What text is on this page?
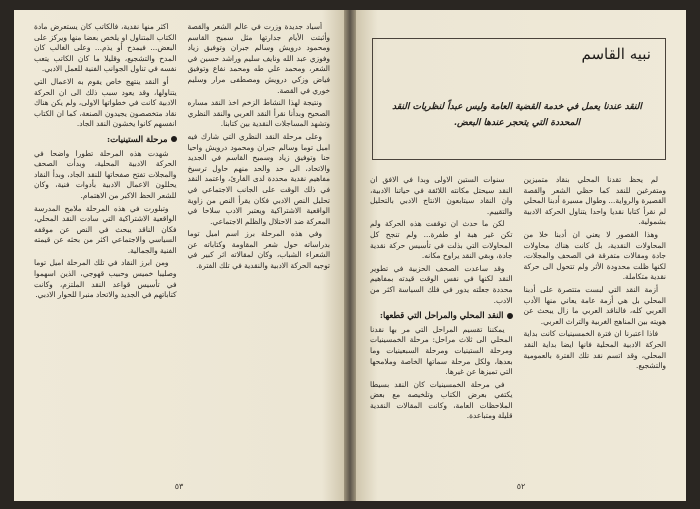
أسياد جديدة وزرت في عالم الشعر والقصة وأثبتت الأيام جدارتها مثل سميح القاسم ومحمود درويش وسالم جبران وتوفيق زياد وفوزي عبد الله ونايف سليم وراشد حسين في الشعر، ومحمد علي طه ومحمد نفاع وتوفيق فياض وزكي درويش ومصطفى مرار وسليم خوري في القصة.

ونتيجة لهذا النشاط الزخم اخذ النقد مساره الصحيح وبدأنا نقرأ النقد العربي والنقد النظري وتشهد المساجلات النقدية بين كتابنا.

وعلى مرحلة النقد النظري التي شارك فيه اميل توما وسالم جبران ومحمود درويش واحيا حنا وتوفيق زياد وسميح القاسم في الجديد والاتحاد، الى حد والحد منهم حاول ترسيخ مفاهيم نقدية محددة لدى القارئ، واعتمد النقد في ذلك الوقت على الجانب الاجتماعي في تحليل النص الادبي فكان يقرأ النص من زاوية الواقعية الاشتراكية ويعتبر الادب سلاحا في المعركة ضد الاحتلال والظلم الاجتماعي.

وفي هذه المرحلة برز اسم اميل توما بدراساته حول شعر المقاومة وكتاباته عن الشعراء الشباب، وكان لمقالاته اثر كبير في توجيه الحركة الادبية والنقدية في تلك الفترة.

اكثر منها نقدية، فالكاتب كان يستعرض مادة الكتاب المتناول او يلخص بعضا منها ويركز على البعض... فيمدح أو يذم... وعلى الغالب كان المدح والتشجيع، وقليلا ما كان الكاتب يتعب نفسه في تناول الجوانب الفنية للعمل الادبي.

أو النقد ينتهج خاص يقوم به الاعمال التي يتناولها، وقد يعود سبب ذلك الى ان الحركة الادبية كانت في خطواتها الاولى، ولم يكن هناك نقاد متخصصون يجيدون الصنعة، كما ان الكتاب انفسهم كانوا يخشون النقد الجاد.

مرحلة الستينيات:

شهدت هذه المرحلة تطورا واضحا في الحركة الادبية المحلية، وبدأت الصحف والمجلات تفتح صفحاتها للنقد الجاد، وبدأ النقاد يحللون الاعمال الادبية بأدوات فنية، وكان للشعر الحظ الاكبر من الاهتمام.

وتبلورت في هذه المرحلة ملامح المدرسة الواقعية الاشتراكية التي سادت النقد المحلي، فكان الناقد يبحث في النص عن موقفه السياسي والاجتماعي اكثر من بحثه عن قيمته الفنية والجمالية.

ومن ابرز النقاد في تلك المرحلة اميل توما وصليبا خميس وحبيب قهوجي، الذين اسهموا في تأسيس قواعد النقد الملتزم، وكانت كتاباتهم في الجديد والاتحاد منبرا للحوار الادبي.

٥٣
نبيه القاسم
النقد عندنا يعمل في خدمة القضية العامة وليس عبداً لنظريات النقد المحددة التي يتحجر عندها البعض.

لم يحظ تقدنا المحلي بنقاد متميزين ومتفرغين للنقد كما حظي الشعر والقصة القصيرة والرواية... وطوال مسيرة أدبنا المحلي لم نقرأ كتابا نقديا واحدا يتناول الحركة الادبية بشمولية.

وهذا القصور لا يعني ان أدبنا خلا من المحاولات النقدية، بل كانت هناك محاولات جادة ومقالات متفرقة في الصحف والمجلات، لكنها ظلت محدودة الأثر ولم تتحول الى حركة نقدية متكاملة.

أزمة النقد التي لبست متتصرة على أدبنا المحلي بل هي أزمة عامة يعاني منها الأدب العربي كله، فالناقد العربي ما زال يبحث عن هويته بين المناهج الغربية والتراث العربي.

فاذا اعتبرنا ان فترة الخمسينيات كانت بداية الحركة الادبية المحلية فانها ايضا بداية النقد المحلي، وقد اتسم نقد تلك الفترة بالعمومية والتشجيع.

سنوات الستين الاولى وبدا في الافق ان النقد سيحتل مكانته اللائقة في حياتنا الادبية، وان النقاد سيتابعون الانتاج الادبي بالتحليل والتقييم.

لكن ما حدث ان توقفت هذه الحركة ولم تكن غير هبة او طفرة... ولم تنجح كل المحاولات التي بذلت في تأسيس حركة نقدية جادة، وبقي النقد يراوح مكانه.

وقد ساعدت الصحف الحزبية في تطوير النقد لكنها في نفس الوقت قيدته بمفاهيم محددة جعلته يدور في فلك السياسة اكثر من الادب.

النقد المحلي والمراحل التي قطعها:

يمكننا تقسيم المراحل التي مر بها نقدنا المحلي الى ثلاث مراحل: مرحلة الخمسينيات ومرحلة الستينيات ومرحلة السبعينيات وما بعدها، ولكل مرحلة سماتها الخاصة وملامحها التي تميزها عن غيرها.

في مرحلة الخمسينيات كان النقد بسيطا يكتفي بعرض الكتاب وتلخيصه مع بعض الملاحظات العامة، وكانت المقالات النقدية قليلة ومتباعدة.

٥٢
